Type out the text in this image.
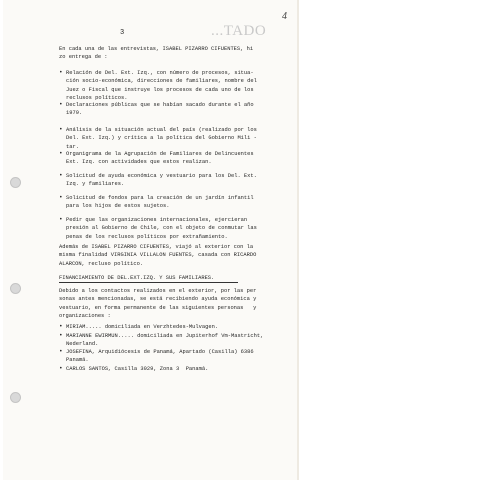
3	...TADO
4
En cada una de las entrevistas, ISABEL PIZARRO CIFUENTES, hi
zo entrega de :
• Relación de Del. Ext. Izq., con número de procesos, situa-
ción socio-económica, direcciones de familiares, nombre del
Juez o Fiscal que instruye los procesos de cada uno de los
reclusos políticos.
• Declaraciones públicas que se habían sacado durante el año
1979.
• Análisis de la situación actual del país (realizado por los
Del. Ext. Izq.) y crítica a la política del Gobierno Mili -
tar.
• Organigrama de la Agrupación de Familiares de Delincuentes
Ext. Izq. con actividades que estos realizan.
• Solicitud de ayuda económica y vestuario para los Del. Ext.
Izq. y familiares.
• Solicitud de fondos para la creación de un jardín infantil
para los hijos de estos sujetos.
• Pedir que las organizaciones internacionales, ejercieran
presión al Gobierno de Chile, con el objeto de conmutar las
penas de los reclusos políticos por extrañamiento.
Además de ISABEL PIZARRO CIFUENTES, viajó al exterior con la
misma finalidad VIRGINIA VILLALON FUENTES, casada con RICARDO
ALARCON, recluso político.
FINANCIAMIENTO DE DEL.EXT.IZQ. Y SUS FAMILIARES.
Debido a los contactos realizados en el exterior, por las per
sonas antes mencionadas, se está recibiendo ayuda económica y
vestuario, en forma permanente de las siguientes personas   y
organizaciones :
• MIRIAM..... domiciliada en Verzhtedes-Mulvagen.
• MARIANNE EWIRMUN..... domiciliada en Jupiterhof Vm-Mastricht,
Nederland.
• JOSEFINA, Arquidiócesis de Panamá, Apartado (Casilla) 6386
Panamá.
• CARLOS SANTOS, Casilla 3029, Zona 3  Panamá.
